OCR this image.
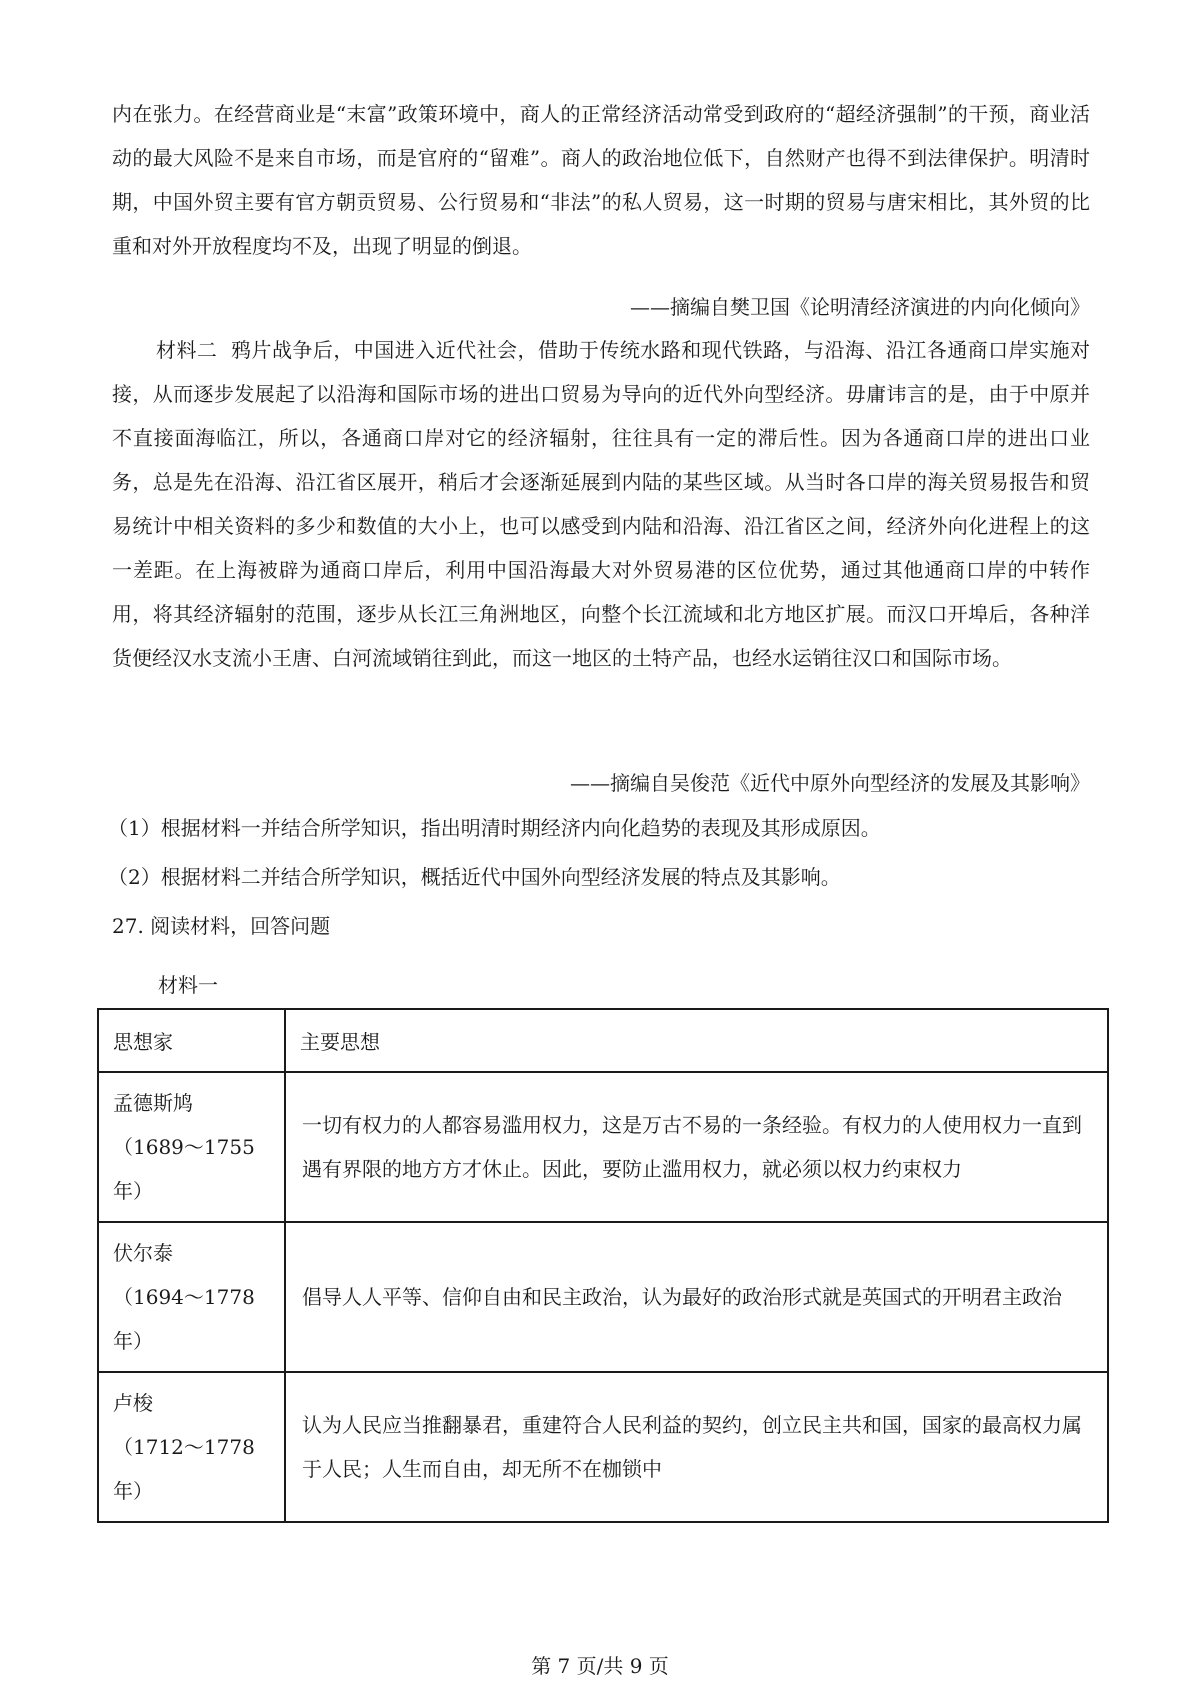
内在张力。在经营商业是“末富”政策环境中，商人的正常经济活动常受到政府的“超经济强制”的干预，商业活动的最大风险不是来自市场，而是官府的“留难”。商人的政治地位低下，自然财产也得不到法律保护。明清时期，中国外贸主要有官方朝贡贸易、公行贸易和“非法”的私人贸易，这一时期的贸易与唐宋相比，其外贸的比重和对外开放程度均不及，出现了明显的倒退。

——摘编自樊卫国《论明清经济演进的内向化倾向》

材料二 鸦片战争后，中国进入近代社会，借助于传统水路和现代铁路，与沿海、沿江各通商口岸实施对接，从而逐步发展起了以沿海和国际市场的进出口贸易为导向的近代外向型经济。毋庸讳言的是，由于中原并不直接面海临江，所以，各通商口岸对它的经济辐射，往往具有一定的滞后性。因为各通商口岸的进出口业务，总是先在沿海、沿江省区展开，稍后才会逐渐延展到内陆的某些区域。从当时各口岸的海关贸易报告和贸易统计中相关资料的多少和数值的大小上，也可以感受到内陆和沿海、沿江省区之间，经济外向化进程上的这一差距。在上海被辟为通商口岸后，利用中国沿海最大对外贸易港的区位优势，通过其他通商口岸的中转作用，将其经济辐射的范围，逐步从长江三角洲地区，向整个长江流域和北方地区扩展。而汉口开埠后，各种洋货便经汉水支流小王唐、白河流域销往到此，而这一地区的土特产品，也经水运销往汉口和国际市场。

——摘编自吴俊范《近代中原外向型经济的发展及其影响》

（1）根据材料一并结合所学知识，指出明清时期经济内向化趋势的表现及其形成原因。

（2）根据材料二并结合所学知识，概括近代中国外向型经济发展的特点及其影响。

27. 阅读材料，回答问题

材料一

思想家	主要思想

孟德斯鸠
（1689～1755
年）	一切有权力的人都容易滥用权力，这是万古不易的一条经验。有权力的人使用权力一直到遇有界限的地方方才休止。因此，要防止滥用权力，就必须以权力约束权力

伏尔泰
（1694～1778
年）	倡导人人平等、信仰自由和民主政治，认为最好的政治形式就是英国式的开明君主政治

卢梭
（1712～1778
年）	认为人民应当推翻暴君，重建符合人民利益的契约，创立民主共和国，国家的最高权力属于人民；人生而自由，却无所不在枷锁中
第 7 页/共 9 页
